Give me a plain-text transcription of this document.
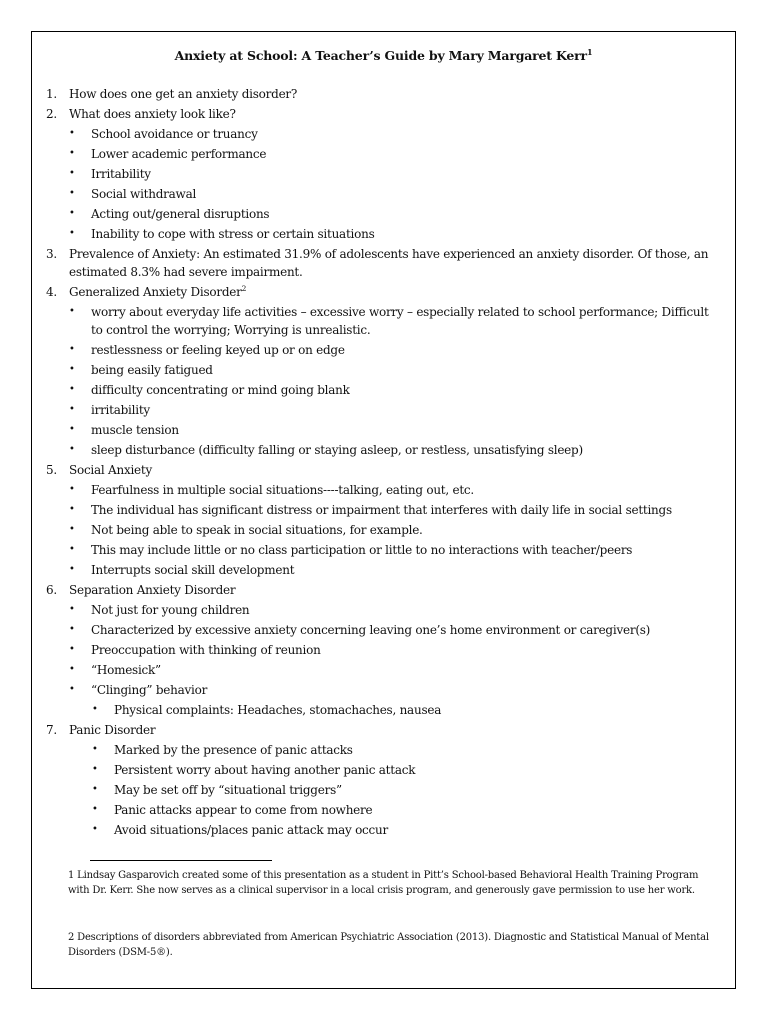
Anxiety at School: A Teacher’s Guide by Mary Margaret Kerr$^1$
1. How does one get an anxiety disorder?
2. What does anxiety look like?
• School avoidance or truancy
• Lower academic performance
• Irritability
• Social withdrawal
• Acting out/general disruptions
• Inability to cope with stress or certain situations
3. Prevalence of Anxiety: An estimated 31.9% of adolescents have experienced an anxiety disorder. Of those, an
estimated 8.3% had severe impairment.
4. Generalized Anxiety Disorder$^2$
• worry about everyday life activities – excessive worry – especially related to school performance; Difficult
to control the worrying; Worrying is unrealistic.
• restlessness or feeling keyed up or on edge
• being easily fatigued
• difficulty concentrating or mind going blank
• irritability
• muscle tension
• sleep disturbance (difficulty falling or staying asleep, or restless, unsatisfying sleep)
5. Social Anxiety
• Fearfulness in multiple social situations----talking, eating out, etc.
• The individual has significant distress or impairment that interferes with daily life in social settings
• Not being able to speak in social situations, for example.
• This may include little or no class participation or little to no interactions with teacher/peers
• Interrupts social skill development
6. Separation Anxiety Disorder
• Not just for young children
• Characterized by excessive anxiety concerning leaving one’s home environment or caregiver(s)
• Preoccupation with thinking of reunion
• “Homesick”
• “Clinging” behavior
• Physical complaints: Headaches, stomachaches, nausea
7. Panic Disorder
• Marked by the presence of panic attacks
• Persistent worry about having another panic attack
• May be set off by “situational triggers”
• Panic attacks appear to come from nowhere
• Avoid situations/places panic attack may occur
1 Lindsay Gasparovich created some of this presentation as a student in Pitt’s School-based Behavioral Health Training Program with Dr. Kerr. She now serves as a clinical supervisor in a local crisis program, and generously gave permission to use her work.
2 Descriptions of disorders abbreviated from American Psychiatric Association (2013). Diagnostic and Statistical Manual of Mental Disorders (DSM-5®).
